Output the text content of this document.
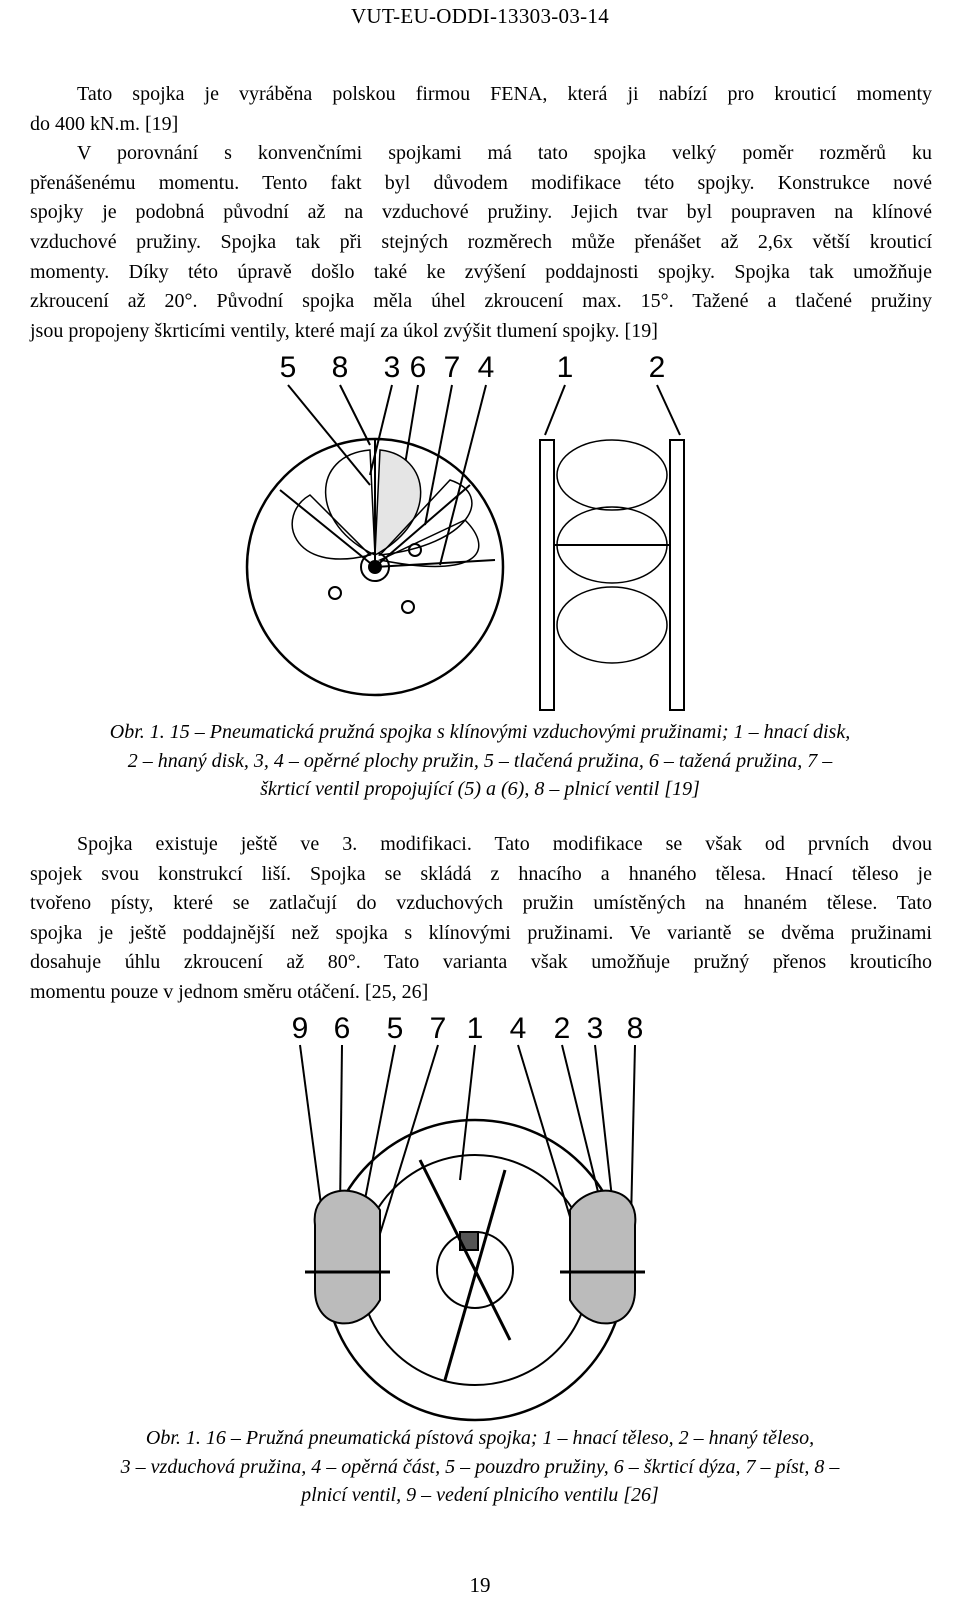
VUT-EU-ODDI-13303-03-14
Tato spojka je vyráběna polskou firmou FENA, která ji nabízí pro krouticí momenty
do 400 kN.m. [19]
V porovnání s konvenčními spojkami má tato spojka velký poměr rozměrů ku
přenášenému momentu. Tento fakt byl důvodem modifikace této spojky. Konstrukce nové
spojky je podobná původní až na vzduchové pružiny. Jejich tvar byl poupraven na klínové
vzduchové pružiny. Spojka tak při stejných rozměrech může přenášet až 2,6x větší krouticí
momenty. Díky této úpravě došlo také ke zvýšení poddajnosti spojky. Spojka tak umožňuje
zkroucení až 20°. Původní spojka měla úhel zkroucení max. 15°. Tažené a tlačené pružiny
jsou propojeny škrticími ventily, které mají za úkol zvýšit tlumení spojky. [19]
5 8 3 6 7 4 1	2
Obr. 1. 15 – Pneumatická pružná spojka s klínovými vzduchovými pružinami; 1 – hnací disk,
2 – hnaný disk, 3, 4 – opěrné plochy pružin, 5 – tlačená pružina, 6 – tažená pružina, 7 –
škrticí ventil propojující (5) a (6), 8 – plnicí ventil [19]
Spojka existuje ještě ve 3. modifikaci. Tato modifikace se však od prvních dvou
spojek svou konstrukcí liší. Spojka se skládá z hnacího a hnaného tělesa. Hnací těleso je
tvořeno písty, které se zatlačují do vzduchových pružin umístěných na hnaném tělese. Tato
spojka je ještě poddajnější než spojka s klínovými pružinami. Ve variantě se dvěma pružinami
dosahuje úhlu zkroucení až 80°. Tato varianta však umožňuje pružný přenos krouticího
momentu pouze v jednom směru otáčení. [25, 26]
9 6 5 7 1 4 2 3 8
Obr. 1. 16 – Pružná pneumatická pístová spojka; 1 – hnací těleso, 2 – hnaný těleso,
3 – vzduchová pružina, 4 – opěrná část, 5 – pouzdro pružiny, 6 – škrticí dýza, 7 – píst, 8 –
plnicí ventil, 9 – vedení plnicího ventilu [26]
19
